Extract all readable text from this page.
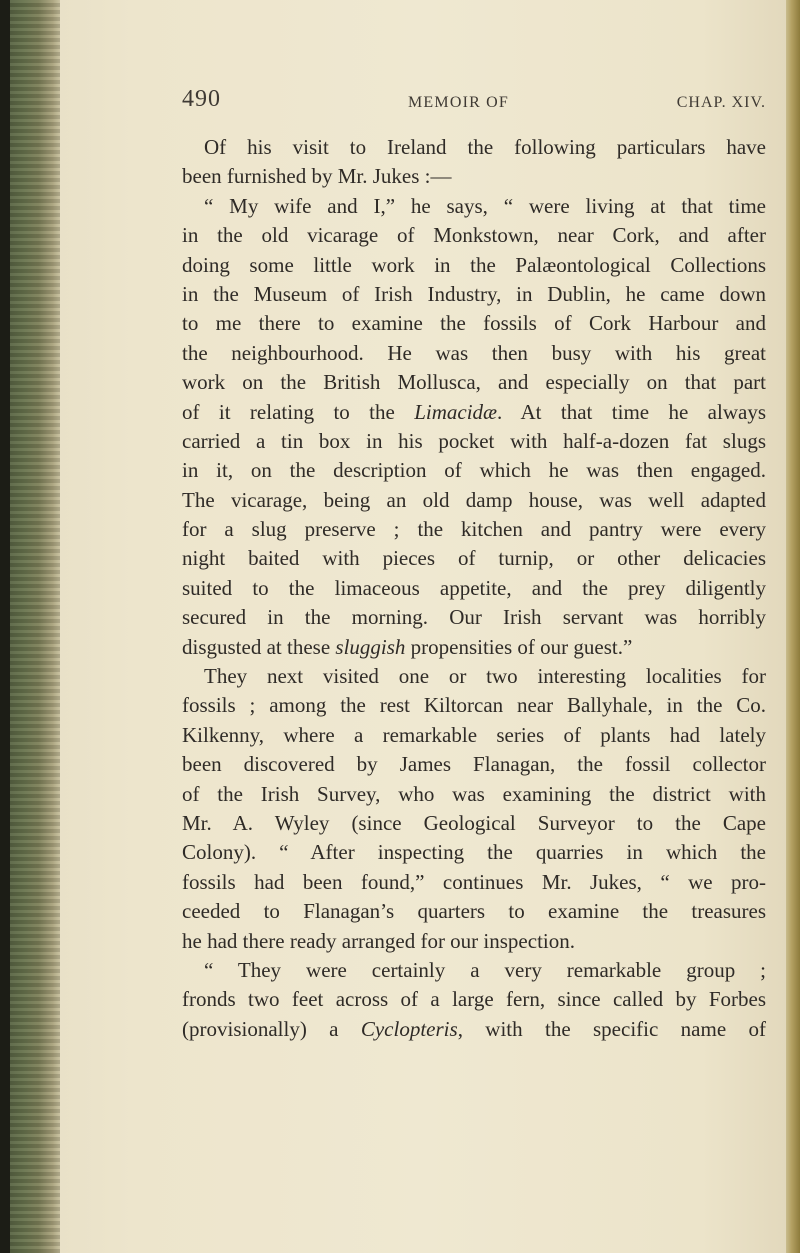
490	MEMOIR OF	CHAP. XIV.
Of his visit to Ireland the following particulars have
been furnished by Mr. Jukes :—
“ My wife and I,” he says, “ were living at that time
in the old vicarage of Monkstown, near Cork, and after
doing some little work in the Palæontological Collections
in the Museum of Irish Industry, in Dublin, he came down
to me there to examine the fossils of Cork Harbour and
the neighbourhood. He was then busy with his great
work on the British Mollusca, and especially on that part
of it relating to the Limacidæ. At that time he always
carried a tin box in his pocket with half-a-dozen fat slugs
in it, on the description of which he was then engaged.
The vicarage, being an old damp house, was well adapted
for a slug preserve ; the kitchen and pantry were every
night baited with pieces of turnip, or other delicacies
suited to the limaceous appetite, and the prey diligently
secured in the morning. Our Irish servant was horribly
disgusted at these sluggish propensities of our guest.”
They next visited one or two interesting localities for
fossils ; among the rest Kiltorcan near Ballyhale, in the Co.
Kilkenny, where a remarkable series of plants had lately
been discovered by James Flanagan, the fossil collector
of the Irish Survey, who was examining the district with
Mr. A. Wyley (since Geological Surveyor to the Cape
Colony). “ After inspecting the quarries in which the
fossils had been found,” continues Mr. Jukes, “ we pro-
ceeded to Flanagan’s quarters to examine the treasures
he had there ready arranged for our inspection.
“ They were certainly a very remarkable group ;
fronds two feet across of a large fern, since called by Forbes
(provisionally) a Cyclopteris, with the specific name of
